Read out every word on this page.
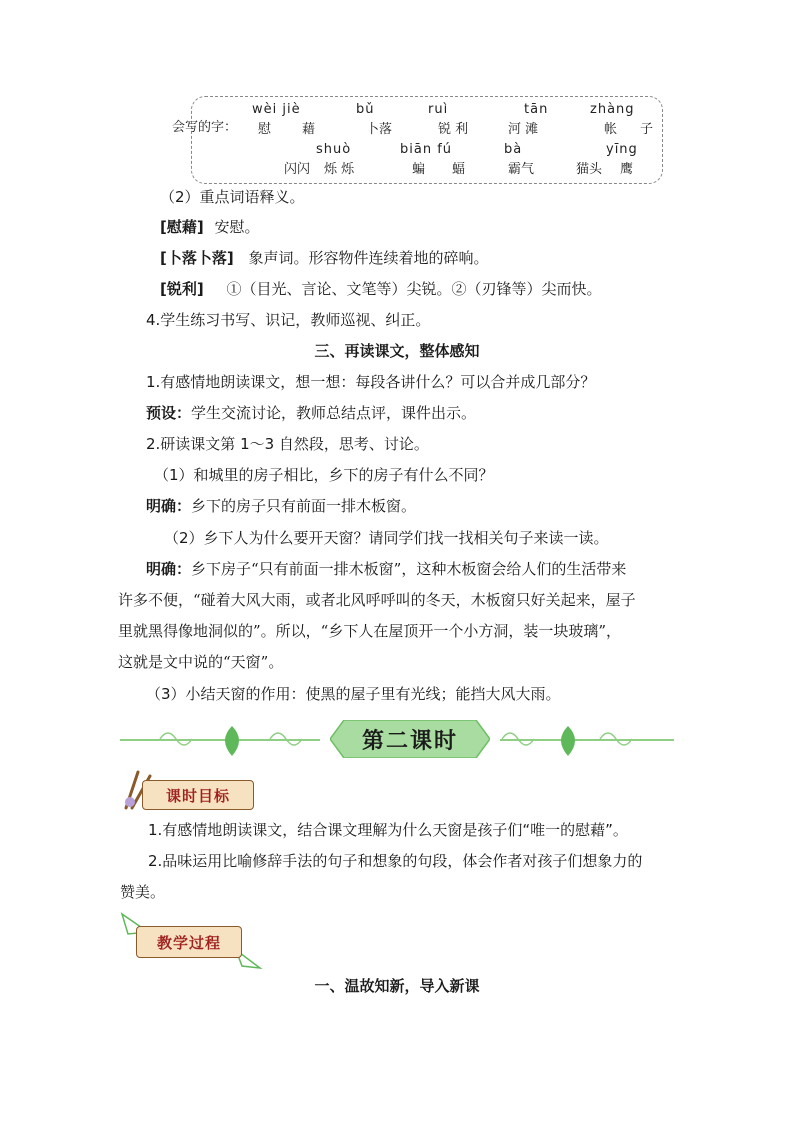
会写的字：
wèi jiè	bǔ	ruì	tān	zhàng
慰 藉	卜落	锐 利	河 滩	帐 子
shuò	biān fú	bà	yīng
闪闪 烁 烁	蝙 蝠	霸气	猫头 鹰
（2）重点词语释义。
[慰藉] 安慰。
[卜落卜落] 象声词。形容物件连续着地的碎响。
[锐利] ①（目光、言论、文笔等）尖锐。②（刃锋等）尖而快。
4.学生练习书写、识记，教师巡视、纠正。
三、再读课文，整体感知
1.有感情地朗读课文，想一想：每段各讲什么？可以合并成几部分？
预设：学生交流讨论，教师总结点评，课件出示。
2.研读课文第 1～3 自然段，思考、讨论。
（1）和城里的房子相比，乡下的房子有什么不同？
明确：乡下的房子只有前面一排木板窗。
（2）乡下人为什么要开天窗？请同学们找一找相关句子来读一读。
明确：乡下房子“只有前面一排木板窗”，这种木板窗会给人们的生活带来
许多不便，“碰着大风大雨，或者北风呼呼叫的冬天，木板窗只好关起来，屋子
里就黑得像地洞似的”。所以，“乡下人在屋顶开一个小方洞，装一块玻璃”，
这就是文中说的“天窗”。
（3）小结天窗的作用：使黑的屋子里有光线；能挡大风大雨。
第二课时
课时目标
1.有感情地朗读课文，结合课文理解为什么天窗是孩子们“唯一的慰藉”。
2.品味运用比喻修辞手法的句子和想象的句段，体会作者对孩子们想象力的
赞美。
教学过程
一、温故知新，导入新课
